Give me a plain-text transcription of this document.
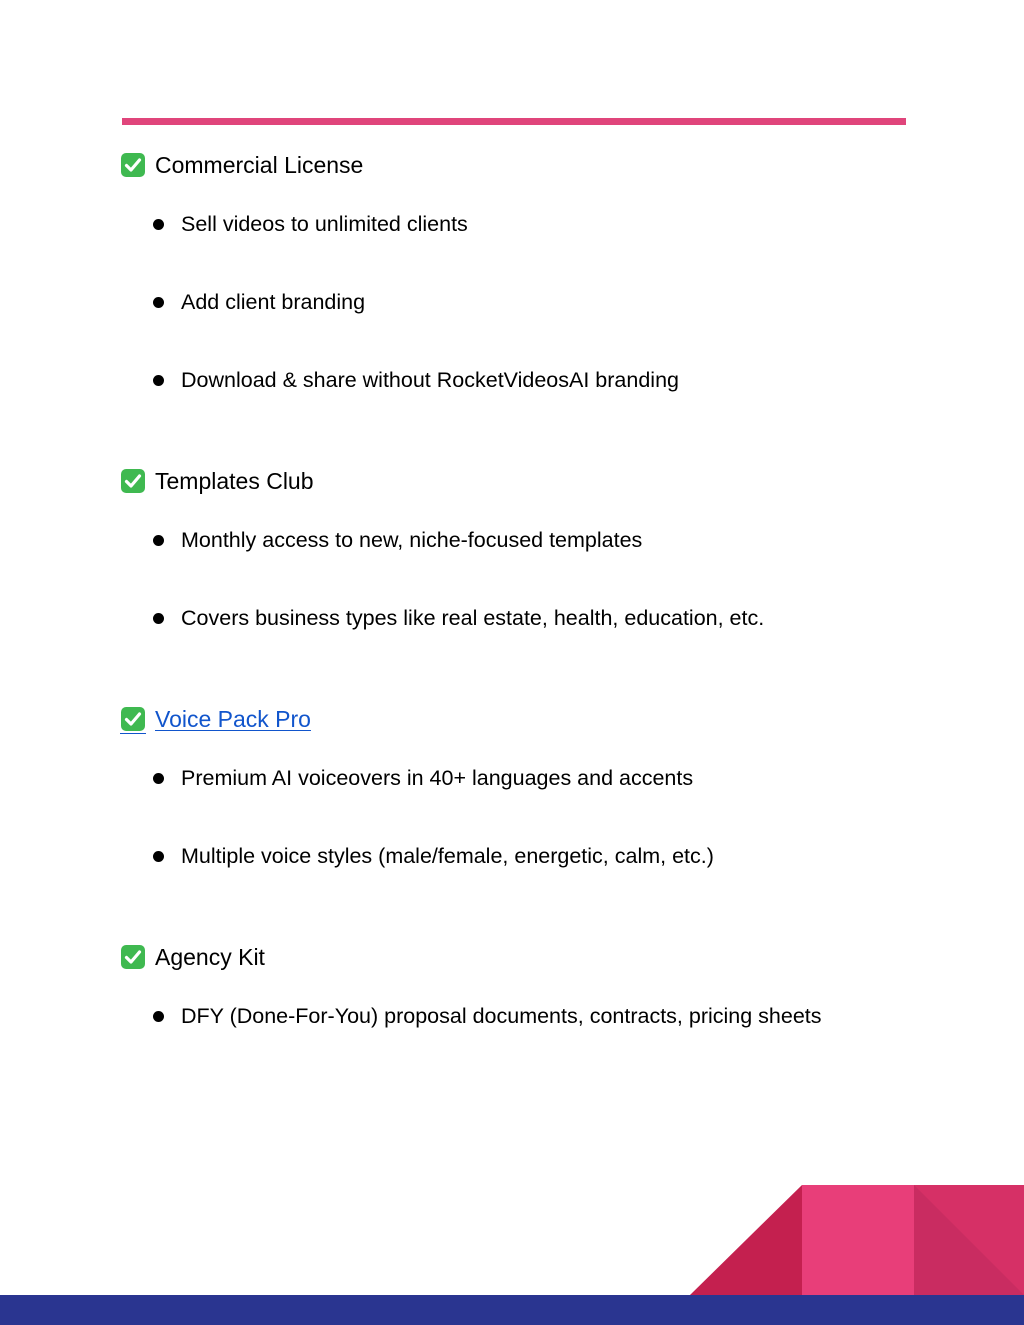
Commercial License
Sell videos to unlimited clients
Add client branding
Download & share without RocketVideosAI branding
Templates Club
Monthly access to new, niche-focused templates
Covers business types like real estate, health, education, etc.
Voice Pack Pro
Premium AI voiceovers in 40+ languages and accents
Multiple voice styles (male/female, energetic, calm, etc.)
Agency Kit
DFY (Done-For-You) proposal documents, contracts, pricing sheets
